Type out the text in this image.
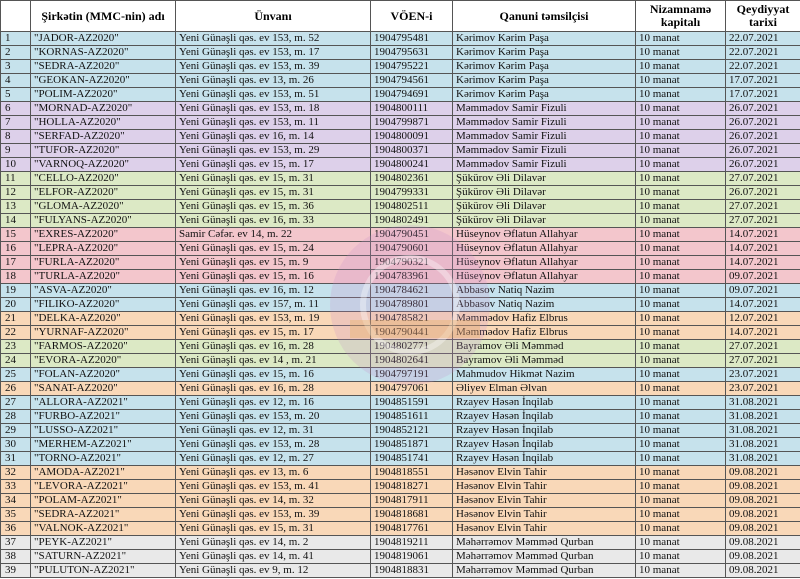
	Şirkətin (MMC-nin) adı	Ünvanı	VÖEN-i	Qanuni təmsilçisi	Nizamnamə kapitalı	Qeydiyyat tarixi
1	"JADOR-AZ2020"	Yeni Günəşli qəs. ev 153, m. 52	1904795481	Kərimov Kərim Paşa	10 manat	22.07.2021
2	"KORNAS-AZ2020"	Yeni Günəşli qəs. ev 153, m. 17	1904795631	Kərimov Kərim Paşa	10 manat	22.07.2021
3	"SEDRA-AZ2020"	Yeni Günəşli qəs. ev 153, m. 39	1904795221	Kərimov Kərim Paşa	10 manat	22.07.2021
4	"GEOKAN-AZ2020"	Yeni Günəşli qəs. ev 13, m. 26	1904794561	Kərimov Kərim Paşa	10 manat	17.07.2021
5	"POLIM-AZ2020"	Yeni Günəşli qəs. ev 153, m. 51	1904794691	Kərimov Kərim Paşa	10 manat	17.07.2021
6	"MORNAD-AZ2020"	Yeni Günəşli qəs. ev 153, m. 18	1904800111	Məmmədov Samir Fizuli	10 manat	26.07.2021
7	"HOLLA-AZ2020"	Yeni Günəşli qəs. ev 153, m. 11	1904799871	Məmmədov Samir Fizuli	10 manat	26.07.2021
8	"SERFAD-AZ2020"	Yeni Günəşli qəs. ev 16, m. 14	1904800091	Məmmədov Samir Fizuli	10 manat	26.07.2021
9	"TUFOR-AZ2020"	Yeni Günəşli qəs. ev 153, m. 29	1904800371	Məmmədov Samir Fizuli	10 manat	26.07.2021
10	"VARNOQ-AZ2020"	Yeni Günəşli qəs. ev 15, m. 17	1904800241	Məmmədov Samir Fizuli	10 manat	26.07.2021
11	"CELLO-AZ2020"	Yeni Günəşli qəs. ev 15, m. 31	1904802361	Şükürov Əli Dilavər	10 manat	27.07.2021
12	"ELFOR-AZ2020"	Yeni Günəşli qəs. ev 15, m. 31	1904799331	Şükürov Əli Dilavər	10 manat	26.07.2021
13	"GLOMA-AZ2020"	Yeni Günəşli qəs. ev 15, m. 36	1904802511	Şükürov Əli Dilavər	10 manat	27.07.2021
14	"FULYANS-AZ2020"	Yeni Günəşli qəs. ev 16, m. 33	1904802491	Şükürov Əli Dilavər	10 manat	27.07.2021
15	"EXRES-AZ2020"	Samir Cəfər. ev 14, m. 22	1904790451	Hüseynov Əflatun Allahyar	10 manat	14.07.2021
16	"LEPRA-AZ2020"	Yeni Günəşli qəs. ev 15, m. 24	1904790601	Hüseynov Əflatun Allahyar	10 manat	14.07.2021
17	"FURLA-AZ2020"	Yeni Günəşli qəs. ev 15, m. 9	1904790321	Hüseynov Əflatun Allahyar	10 manat	14.07.2021
18	"TURLA-AZ2020"	Yeni Günəşli qəs. ev 15, m. 16	1904783961	Hüseynov Əflatun Allahyar	10 manat	09.07.2021
19	"ASVA-AZ2020"	Yeni Günəşli qəs. ev 16, m. 12	1904784621	Abbasov Natiq Nazim	10 manat	09.07.2021
20	"FILIKO-AZ2020"	Yeni Günəşli qəs. ev 157, m. 11	1904789801	Abbasov Natiq Nazim	10 manat	14.07.2021
21	"DELKA-AZ2020"	Yeni Günəşli qəs. ev 153, m. 19	1904785821	Məmmədov Hafiz Elbrus	10 manat	12.07.2021
22	"YURNAF-AZ2020"	Yeni Günəşli qəs. ev 15, m. 17	1904790441	Məmmədov Hafiz Elbrus	10 manat	14.07.2021
23	"FARMOS-AZ2020"	Yeni Günəşli qəs. ev 16, m. 28	1904802771	Bayramov Əli Məmməd	10 manat	27.07.2021
24	"EVORA-AZ2020"	Yeni Günəşli qəs. ev 14 , m. 21	1904802641	Bayramov Əli Məmməd	10 manat	27.07.2021
25	"FOLAN-AZ2020"	Yeni Günəşli qəs. ev 15, m. 16	1904797191	Mahmudov Hikmət Nazim	10 manat	23.07.2021
26	"SANAT-AZ2020"	Yeni Günəşli qəs. ev 16, m. 28	1904797061	Əliyev Elman Əlvan	10 manat	23.07.2021
27	"ALLORA-AZ2021"	Yeni Günəşli qəs. ev 12, m. 16	1904851591	Rzayev Həsən İnqilab	10 manat	31.08.2021
28	"FURBO-AZ2021"	Yeni Günəşli qəs. ev 153, m. 20	1904851611	Rzayev Həsən İnqilab	10 manat	31.08.2021
29	"LUSSO-AZ2021"	Yeni Günəşli qəs. ev 12, m. 31	1904852121	Rzayev Həsən İnqilab	10 manat	31.08.2021
30	"MERHEM-AZ2021"	Yeni Günəşli qəs. ev 153, m. 28	1904851871	Rzayev Həsən İnqilab	10 manat	31.08.2021
31	"TORNO-AZ2021"	Yeni Günəşli qəs. ev 12, m. 27	1904851741	Rzayev Həsən İnqilab	10 manat	31.08.2021
32	"AMODA-AZ2021"	Yeni Günəşli qəs. ev 13, m. 6	1904818551	Həsənov Elvin Tahir	10 manat	09.08.2021
33	"LEVORA-AZ2021"	Yeni Günəşli qəs. ev 153, m. 41	1904818271	Həsənov Elvin Tahir	10 manat	09.08.2021
34	"POLAM-AZ2021"	Yeni Günəşli qəs. ev 14, m. 32	1904817911	Həsənov Elvin Tahir	10 manat	09.08.2021
35	"SEDRA-AZ2021"	Yeni Günəşli qəs. ev 153, m. 39	1904818681	Həsənov Elvin Tahir	10 manat	09.08.2021
36	"VALNOK-AZ2021"	Yeni Günəşli qəs. ev 15, m. 31	1904817761	Həsənov Elvin Tahir	10 manat	09.08.2021
37	"PEYK-AZ2021"	Yeni Günəşli qəs. ev 14, m. 2	1904819211	Məhərrəmov Məmməd Qurban	10 manat	09.08.2021
38	"SATURN-AZ2021"	Yeni Günəşli qəs. ev 14, m. 41	1904819061	Məhərrəmov Məmməd Qurban	10 manat	09.08.2021
39	"PULUTON-AZ2021"	Yeni Günəşli qəs. ev 9, m. 12	1904818831	Məhərrəmov Məmməd Qurban	10 manat	09.08.2021
